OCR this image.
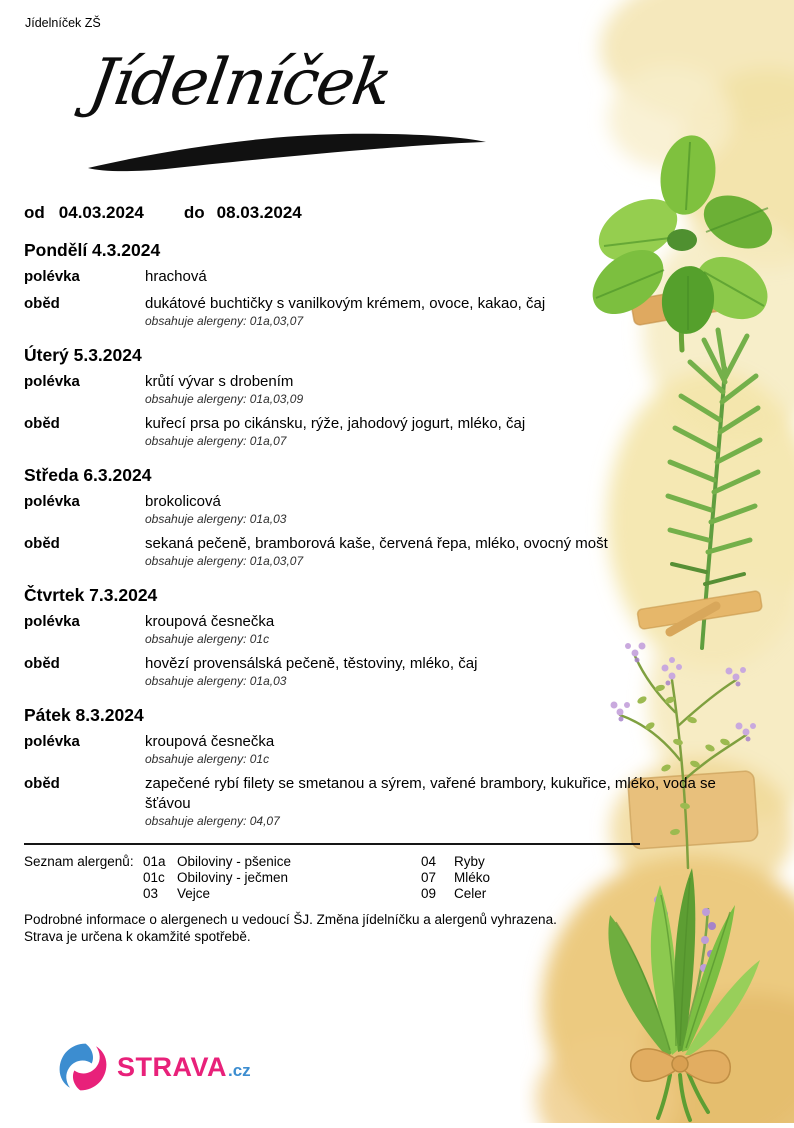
Jídelníček ZŠ
Jídelníček
od 04.03.2024 do 08.03.2024
Pondělí 4.3.2024
polévka	hrachová
oběd	dukátové buchtičky s vanilkovým krémem, ovoce, kakao, čaj
obsahuje alergeny: 01a,03,07
Úterý 5.3.2024
polévka	krůtí vývar s drobením
obsahuje alergeny: 01a,03,09
oběd	kuřecí prsa po cikánsku, rýže, jahodový jogurt, mléko, čaj
obsahuje alergeny: 01a,07
Středa 6.3.2024
polévka	brokolicová
obsahuje alergeny: 01a,03
oběd	sekaná pečeně, bramborová kaše, červená řepa, mléko, ovocný mošt
obsahuje alergeny: 01a,03,07
Čtvrtek 7.3.2024
polévka	kroupová česnečka
obsahuje alergeny: 01c
oběd	hovězí provensálská pečeně, těstoviny, mléko, čaj
obsahuje alergeny: 01a,03
Pátek 8.3.2024
polévka	kroupová česnečka
obsahuje alergeny: 01c
oběd	zapečené rybí filety se smetanou a sýrem, vařené brambory, kukuřice, mléko, voda se šťávou
obsahuje alergeny: 04,07
Seznam alergenů: 01a Obiloviny - pšenice	04	Ryby
01c Obiloviny - ječmen	07	Mléko
03	Vejce	09	Celer

Podrobné informace o alergenech u vedoucí ŠJ. Změna jídelníčku a alergenů vyhrazena.

Strava je určena k okamžité spotřebě.

STRAVA .cz
